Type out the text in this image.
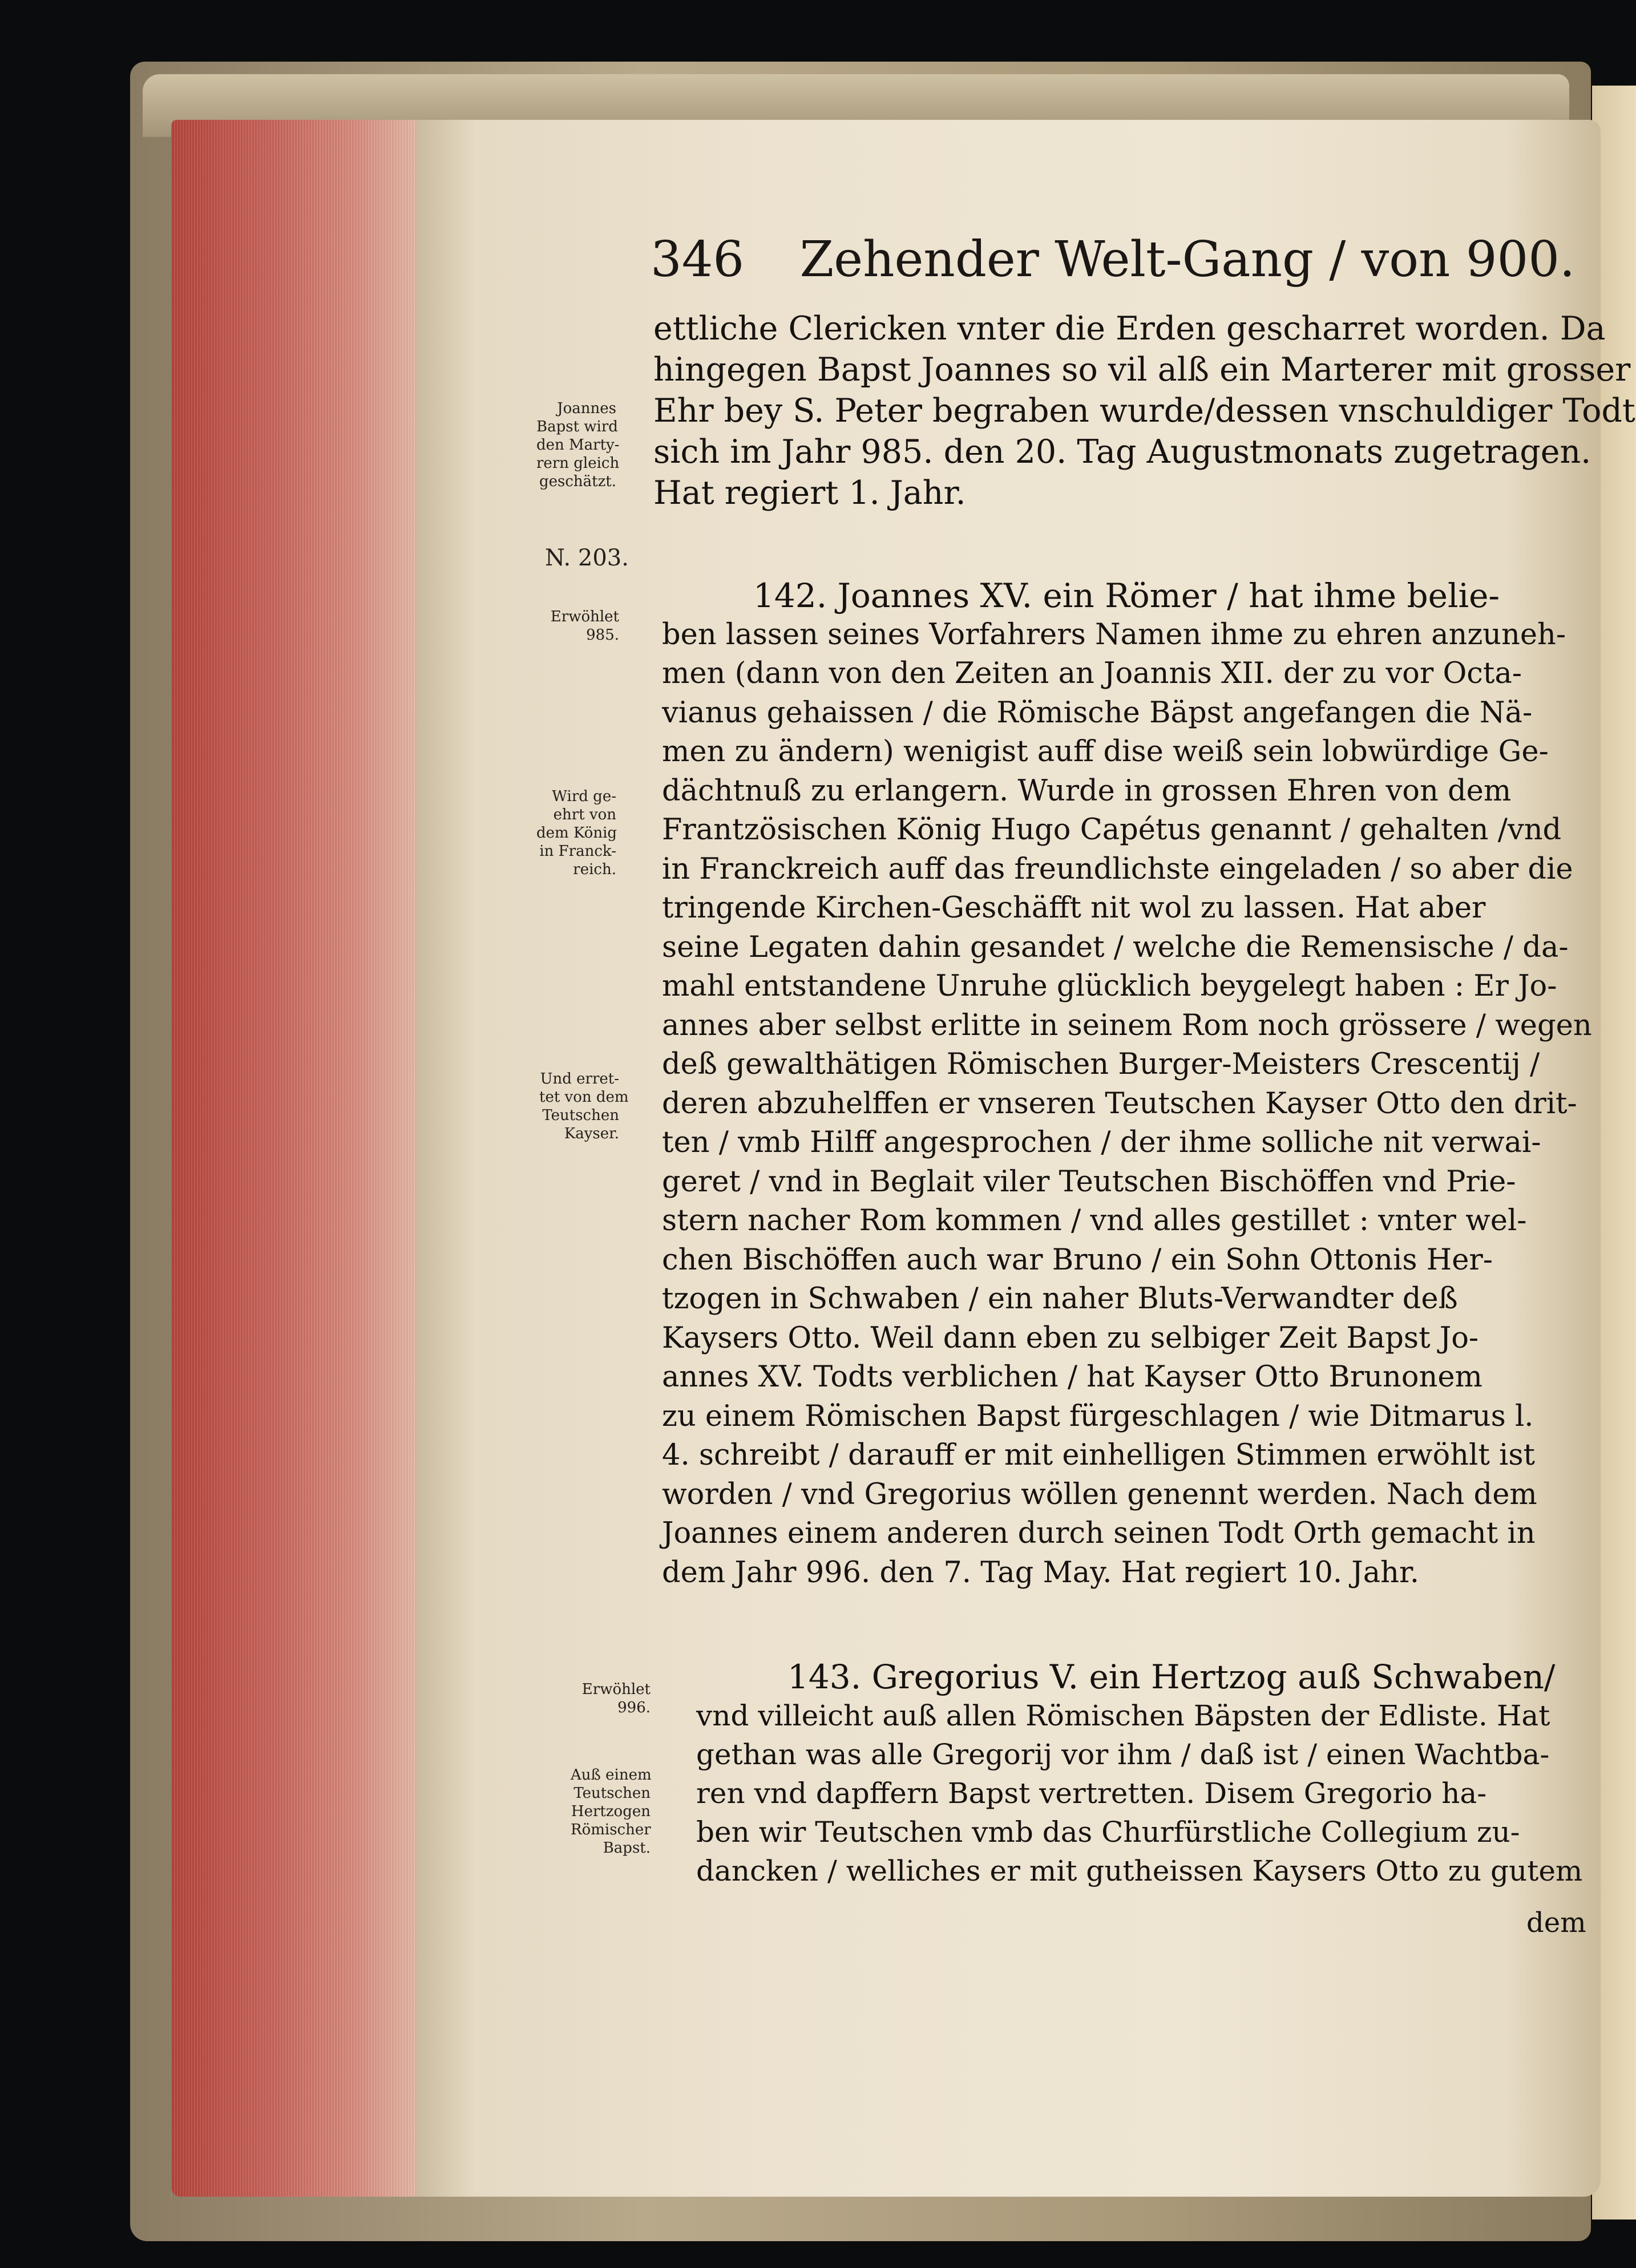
346 Zehender Welt-Gang / von 900.
Joannes
Bapst wird
den Marty-
rern gleich
geschätzt.
N. 203.
Erwöhlet
985.
Wird ge-
ehrt von
dem König
in Franck-
reich.
Und erret-
tet von dem
Teutschen
Kayser.
Erwöhlet
996.
Auß einem
Teutschen
Hertzogen
Römischer
Bapst.
ettliche Clericken vnter die Erden gescharret worden. Da
hingegen Bapst Joannes so vil alß ein Marterer mit grosser
Ehr bey S. Peter begraben wurde/dessen vnschuldiger Todt
sich im Jahr 985. den 20. Tag Augustmonats zugetragen.
Hat regiert 1. Jahr.
142. Joannes XV. ein Römer / hat ihme belie-
ben lassen seines Vorfahrers Namen ihme zu ehren anzuneh-
men (dann von den Zeiten an Joannis XII. der zu vor Octa-
vianus gehaissen / die Römische Bäpst angefangen die Nä-
men zu ändern) wenigist auff dise weiß sein lobwürdige Ge-
dächtnuß zu erlangern. Wurde in grossen Ehren von dem
Frantzösischen König Hugo Capétus genannt / gehalten /vnd
in Franckreich auff das freundlichste eingeladen / so aber die
tringende Kirchen-Geschäfft nit wol zu lassen. Hat aber
seine Legaten dahin gesandet / welche die Remensische / da-
mahl entstandene Unruhe glücklich beygelegt haben : Er Jo-
annes aber selbst erlitte in seinem Rom noch grössere / wegen
deß gewalthätigen Römischen Burger-Meisters Crescentij /
deren abzuhelffen er vnseren Teutschen Kayser Otto den drit-
ten / vmb Hilff angesprochen / der ihme solliche nit verwai-
geret / vnd in Beglait viler Teutschen Bischöffen vnd Prie-
stern nacher Rom kommen / vnd alles gestillet : vnter wel-
chen Bischöffen auch war Bruno / ein Sohn Ottonis Her-
tzogen in Schwaben / ein naher Bluts-Verwandter deß
Kaysers Otto. Weil dann eben zu selbiger Zeit Bapst Jo-
annes XV. Todts verblichen / hat Kayser Otto Brunonem
zu einem Römischen Bapst fürgeschlagen / wie Ditmarus l.
4. schreibt / darauff er mit einhelligen Stimmen erwöhlt ist
worden / vnd Gregorius wöllen genennt werden. Nach dem
Joannes einem anderen durch seinen Todt Orth gemacht in
dem Jahr 996. den 7. Tag May. Hat regiert 10. Jahr.
143. Gregorius V. ein Hertzog auß Schwaben/
vnd villeicht auß allen Römischen Bäpsten der Edliste. Hat
gethan was alle Gregorij vor ihm / daß ist / einen Wachtba-
ren vnd dapffern Bapst vertretten. Disem Gregorio ha-
ben wir Teutschen vmb das Churfürstliche Collegium zu-
dancken / welliches er mit gutheissen Kaysers Otto zu gutem
dem
